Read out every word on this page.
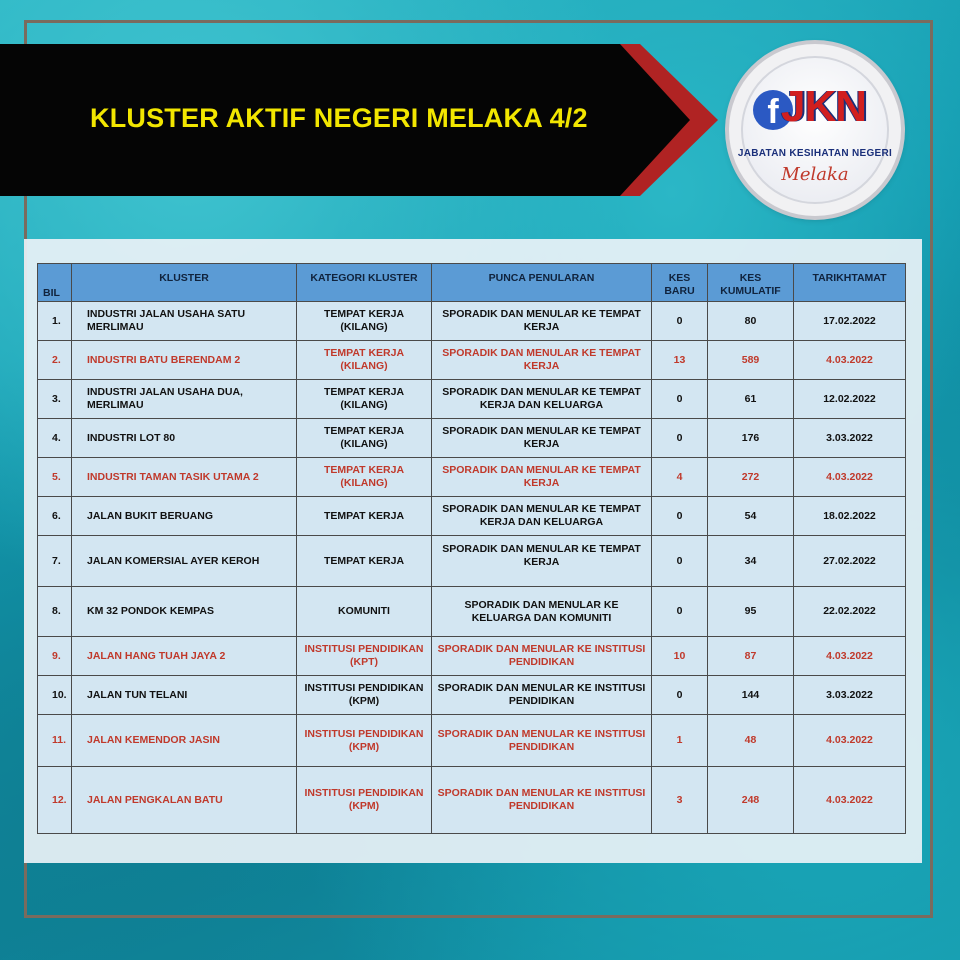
KLUSTER AKTIF NEGERI MELAKA 4/2	f JKN
JABATAN KESIHATAN NEGERI
Melaka
BIL	KLUSTER	KATEGORI KLUSTER	PUNCA PENULARAN	KES BARU	KES KUMULATIF	TARIKHTAMAT
1.	INDUSTRI JALAN USAHA SATU MERLIMAU	TEMPAT KERJA (KILANG)	SPORADIK DAN MENULAR KE TEMPAT KERJA	0	80	17.02.2022
2.	INDUSTRI BATU BERENDAM 2	TEMPAT KERJA (KILANG)	SPORADIK DAN MENULAR KE TEMPAT KERJA	13	589	4.03.2022
3.	INDUSTRI JALAN USAHA DUA, MERLIMAU	TEMPAT KERJA (KILANG)	SPORADIK DAN MENULAR KE TEMPAT KERJA DAN KELUARGA	0	61	12.02.2022
4.	INDUSTRI LOT 80	TEMPAT KERJA (KILANG)	SPORADIK DAN MENULAR KE TEMPAT KERJA	0	176	3.03.2022
5.	INDUSTRI TAMAN TASIK UTAMA 2	TEMPAT KERJA (KILANG)	SPORADIK DAN MENULAR KE TEMPAT KERJA	4	272	4.03.2022
6.	JALAN BUKIT BERUANG	TEMPAT KERJA	SPORADIK DAN MENULAR KE TEMPAT KERJA DAN KELUARGA	0	54	18.02.2022
7.	JALAN KOMERSIAL AYER KEROH	TEMPAT KERJA	SPORADIK DAN MENULAR KE TEMPAT KERJA	0	34	27.02.2022
8.	KM 32 PONDOK KEMPAS	KOMUNITI	SPORADIK DAN MENULAR KE KELUARGA DAN KOMUNITI	0	95	22.02.2022
9.	JALAN HANG TUAH JAYA 2	INSTITUSI PENDIDIKAN (KPT)	SPORADIK DAN MENULAR KE INSTITUSI PENDIDIKAN	10	87	4.03.2022
10.	JALAN TUN TELANI	INSTITUSI PENDIDIKAN (KPM)	SPORADIK DAN MENULAR KE INSTITUSI PENDIDIKAN	0	144	3.03.2022
11.	JALAN KEMENDOR JASIN	INSTITUSI PENDIDIKAN (KPM)	SPORADIK DAN MENULAR KE INSTITUSI PENDIDIKAN	1	48	4.03.2022
12.	JALAN PENGKALAN BATU	INSTITUSI PENDIDIKAN (KPM)	SPORADIK DAN MENULAR KE INSTITUSI PENDIDIKAN	3	248	4.03.2022
